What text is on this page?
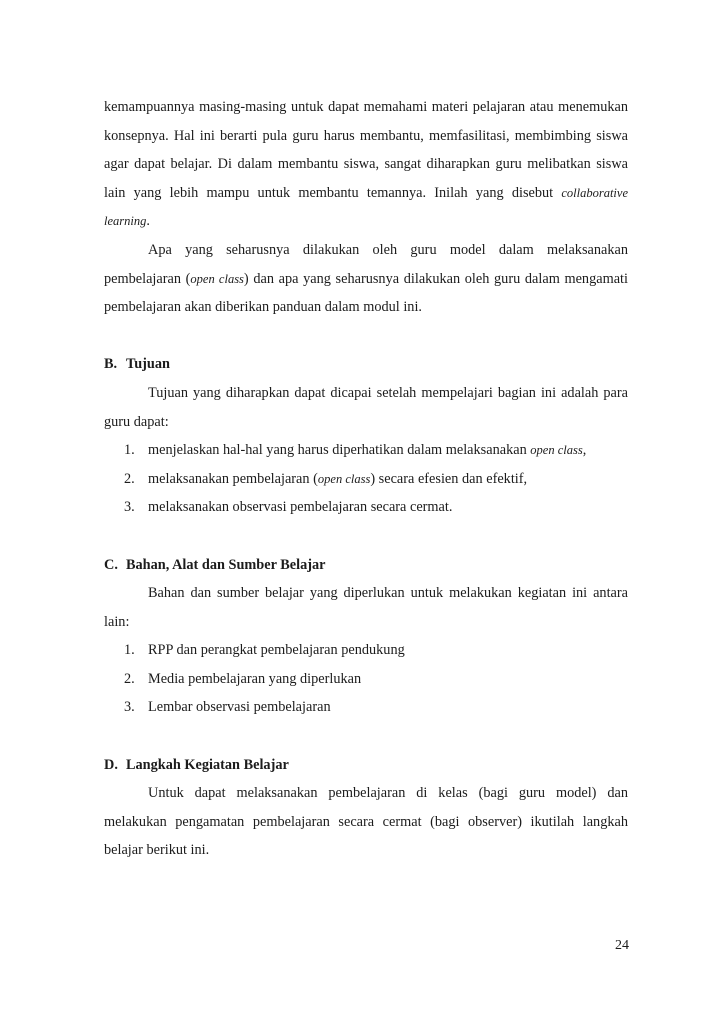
kemampuannya masing-masing untuk dapat memahami materi pelajaran atau menemukan konsepnya. Hal ini berarti pula guru harus membantu, memfasilitasi, membimbing siswa agar dapat belajar. Di dalam membantu siswa, sangat diharapkan guru melibatkan siswa lain yang lebih mampu untuk membantu temannya. Inilah yang disebut collaborative learning.

Apa yang seharusnya dilakukan oleh guru model dalam melaksanakan pembelajaran (open class) dan apa yang seharusnya dilakukan oleh guru dalam mengamati pembelajaran akan diberikan panduan dalam modul ini.

B. Tujuan

Tujuan yang diharapkan dapat dicapai setelah mempelajari bagian ini adalah para guru dapat:

1. menjelaskan hal-hal yang harus diperhatikan dalam melaksanakan open class,
2. melaksanakan pembelajaran (open class) secara efesien dan efektif,
3. melaksanakan observasi pembelajaran secara cermat.
C. Bahan, Alat dan Sumber Belajar

Bahan dan sumber belajar yang diperlukan untuk melakukan kegiatan ini antara lain:

1. RPP dan perangkat pembelajaran pendukung
2. Media pembelajaran yang diperlukan
3. Lembar observasi pembelajaran
D. Langkah Kegiatan Belajar

Untuk dapat melaksanakan pembelajaran di kelas (bagi guru model) dan melakukan pengamatan pembelajaran secara cermat (bagi observer) ikutilah langkah belajar berikut ini.

24
